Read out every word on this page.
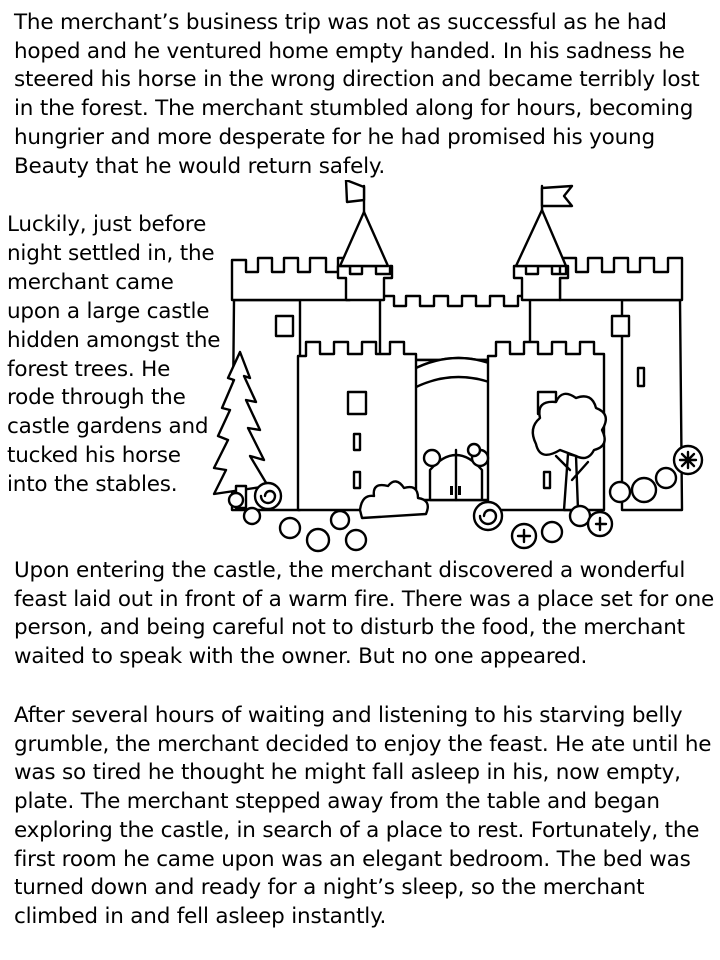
The merchant’s business trip was not as successful as he had hoped and he ventured home empty handed. In his sadness he steered his horse in the wrong direction and became terribly lost in the forest. The merchant stumbled along for hours, becoming hungrier and more desperate for he had promised his young Beauty that he would return safely.

Luckily, just before night settled in, the merchant came upon a large castle hidden amongst the forest trees. He rode through the castle gardens and tucked his horse into the stables.

Upon entering the castle, the merchant discovered a wonderful feast laid out in front of a warm fire. There was a place set for one person, and being careful not to disturb the food, the merchant waited to speak with the owner. But no one appeared.

After several hours of waiting and listening to his starving belly grumble, the merchant decided to enjoy the feast. He ate until he was so tired he thought he might fall asleep in his, now empty, plate. The merchant stepped away from the table and began exploring the castle, in search of a place to rest. Fortunately, the first room he came upon was an elegant bedroom. The bed was turned down and ready for a night’s sleep, so the merchant climbed in and fell asleep instantly.
